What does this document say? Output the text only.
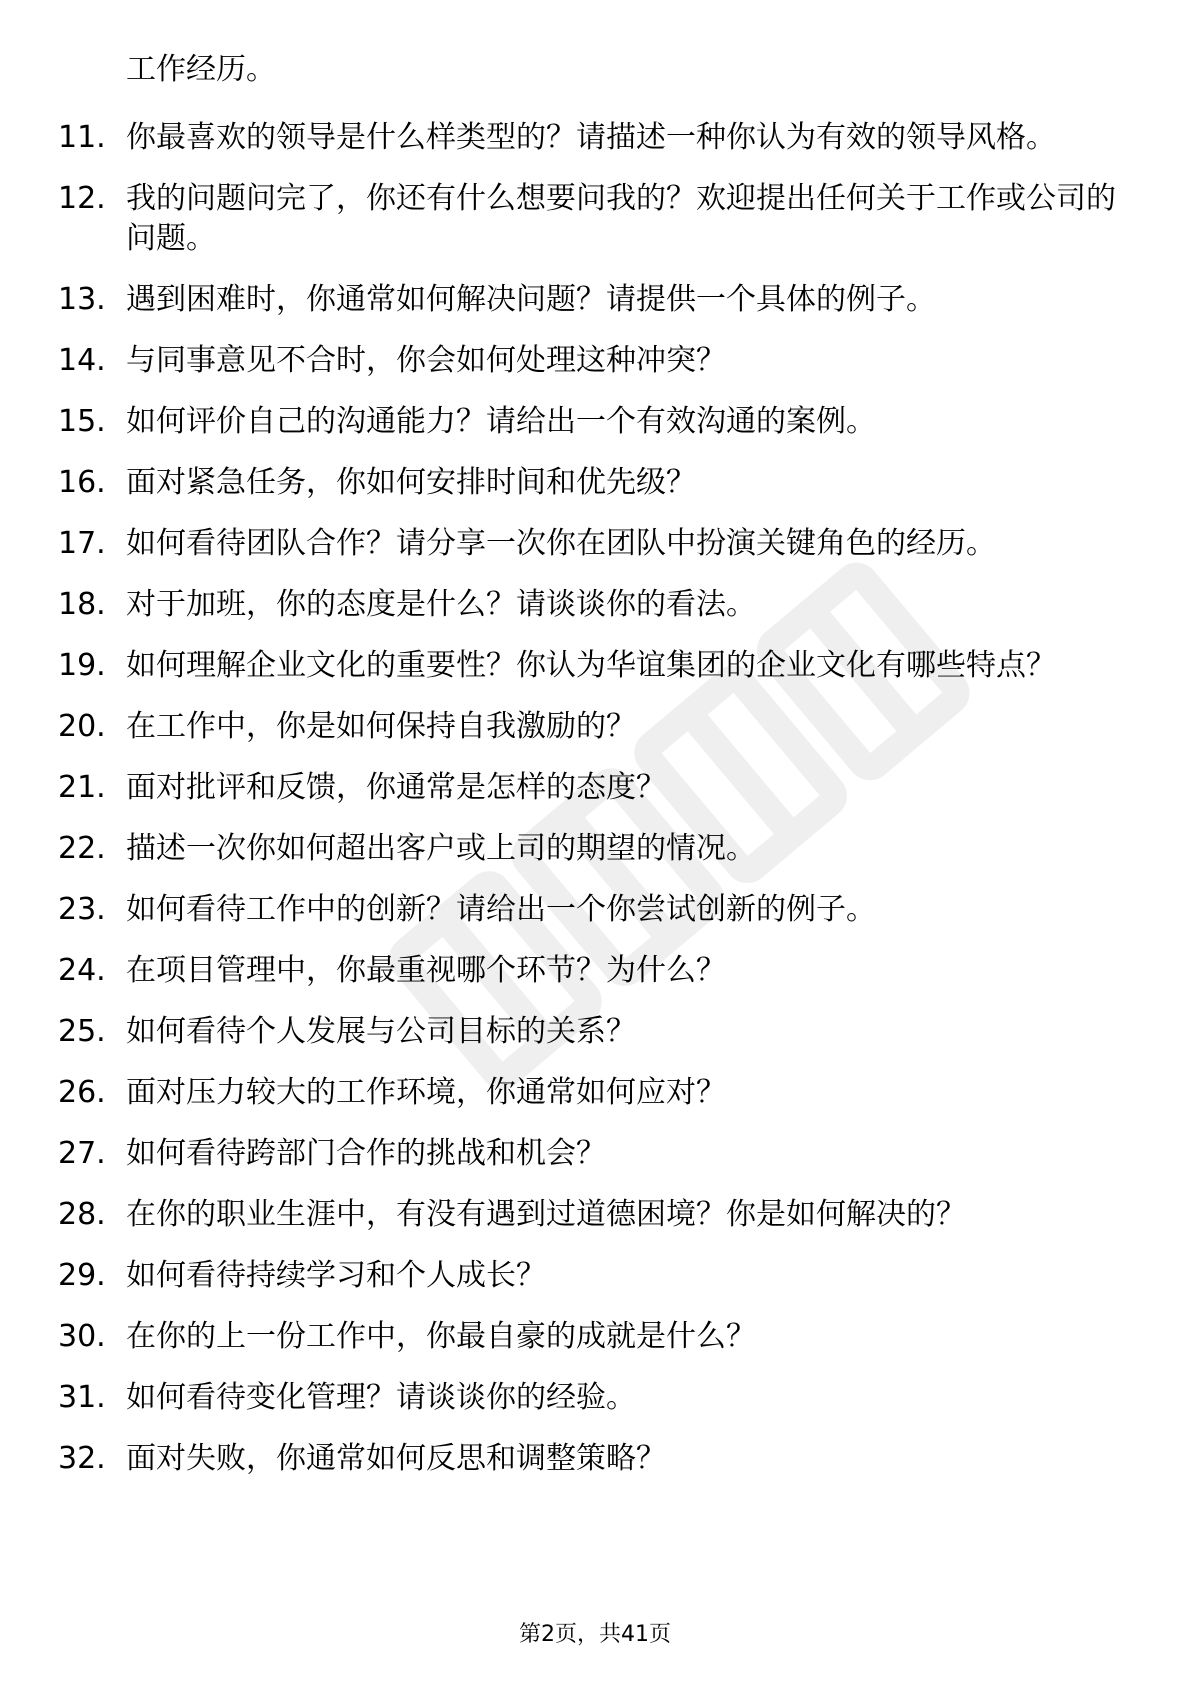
工作经历。

11. 你最喜欢的领导是什么样类型的？请描述一种你认为有效的领导风格。
12. 我的问题问完了，你还有什么想要问我的？欢迎提出任何关于工作或公司的问题。
13. 遇到困难时，你通常如何解决问题？请提供一个具体的例子。
14. 与同事意见不合时，你会如何处理这种冲突？
15. 如何评价自己的沟通能力？请给出一个有效沟通的案例。
16. 面对紧急任务，你如何安排时间和优先级？
17. 如何看待团队合作？请分享一次你在团队中扮演关键角色的经历。
18. 对于加班，你的态度是什么？请谈谈你的看法。
19. 如何理解企业文化的重要性？你认为华谊集团的企业文化有哪些特点？
20. 在工作中，你是如何保持自我激励的？
21. 面对批评和反馈，你通常是怎样的态度？
22. 描述一次你如何超出客户或上司的期望的情况。
23. 如何看待工作中的创新？请给出一个你尝试创新的例子。
24. 在项目管理中，你最重视哪个环节？为什么？
25. 如何看待个人发展与公司目标的关系？
26. 面对压力较大的工作环境，你通常如何应对？
27. 如何看待跨部门合作的挑战和机会？
28. 在你的职业生涯中，有没有遇到过道德困境？你是如何解决的？
29. 如何看待持续学习和个人成长？
30. 在你的上一份工作中，你最自豪的成就是什么？
31. 如何看待变化管理？请谈谈你的经验。
32. 面对失败，你通常如何反思和调整策略？
第2页，共41页
